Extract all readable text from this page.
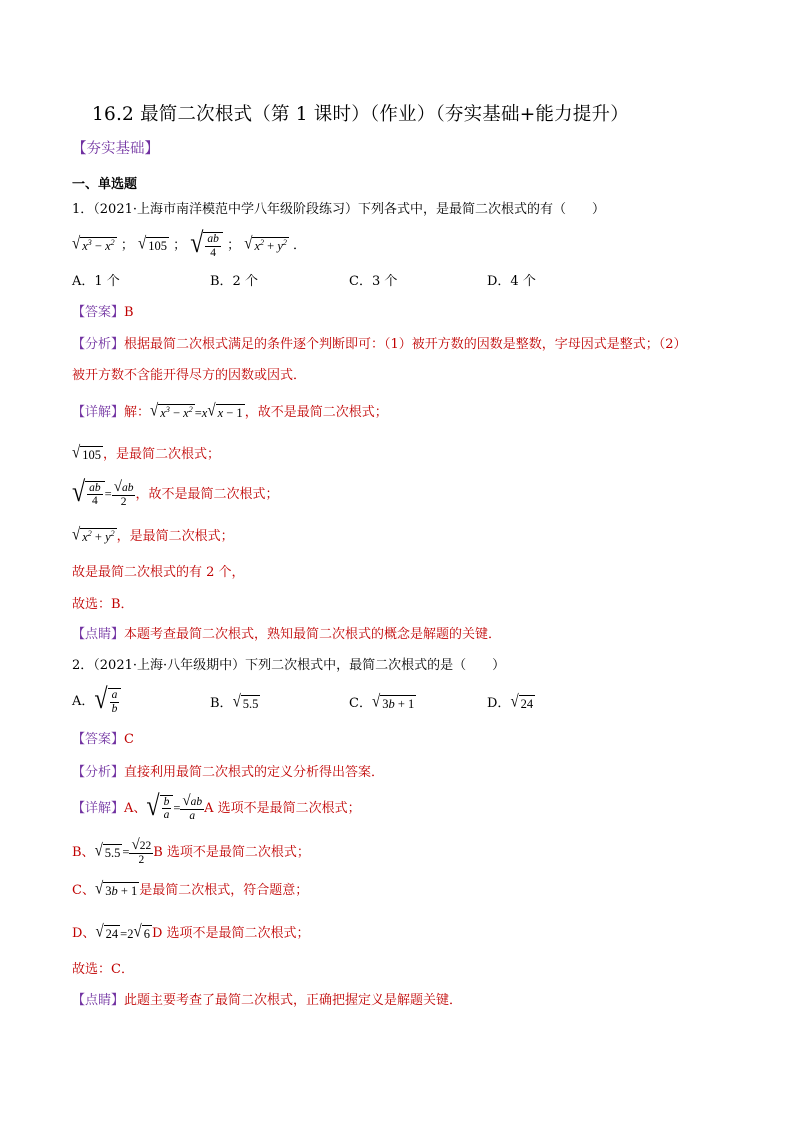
16.2 最简二次根式（第 1 课时）（作业）（夯实基础+能力提升）
【夯实基础】
一、单选题
1．（2021·上海市南洋模范中学八年级阶段练习）下列各式中，是最简二次根式的有（　　）
√ $x^3 - x^2$ ； √ 105 ； √ $\frac{ab}{4}$ ； √ $x^2 + y^2$ ．
A．1 个	B．2 个	C．3 个	D．4 个
【答案】B
【分析】根据最简二次根式满足的条件逐个判断即可：（1）被开方数的因数是整数，字母因式是整式；（2）
被开方数不含能开得尽方的因数或因式．
【详解】解： √ $x^3 - x^2 =x$ √ x − 1 ，故不是最简二次根式；
√ 105 ，是最简二次根式；
√ $\frac{ab}{4} = \frac{√ab}{2}$ ，故不是最简二次根式；
√ $x^2 + y^2$ ，是最简二次根式；
故是最简二次根式的有 2 个，
故选：B．
【点睛】本题考查最简二次根式，熟知最简二次根式的概念是解题的关键．
2．（2021·上海·八年级期中）下列二次根式中，最简二次根式的是（　　）
A． √ $\frac{a}{b}$	B． √ 5.5	C． √ 3b + 1	D． √ 24
【答案】C
【分析】直接利用最简二次根式的定义分析得出答案．
【详解】A、 √ $\frac{b}{a} = \frac{√ab}{a}$ A 选项不是最简二次根式；
B、 √ $5.5 = \frac{√22}{2}$ B 选项不是最简二次根式；
C、 √ 3b + 1 是最简二次根式，符合题意；
D、 √ 24 =2 √ 6 D 选项不是最简二次根式；
故选：C．
【点睛】此题主要考查了最简二次根式，正确把握定义是解题关键．
